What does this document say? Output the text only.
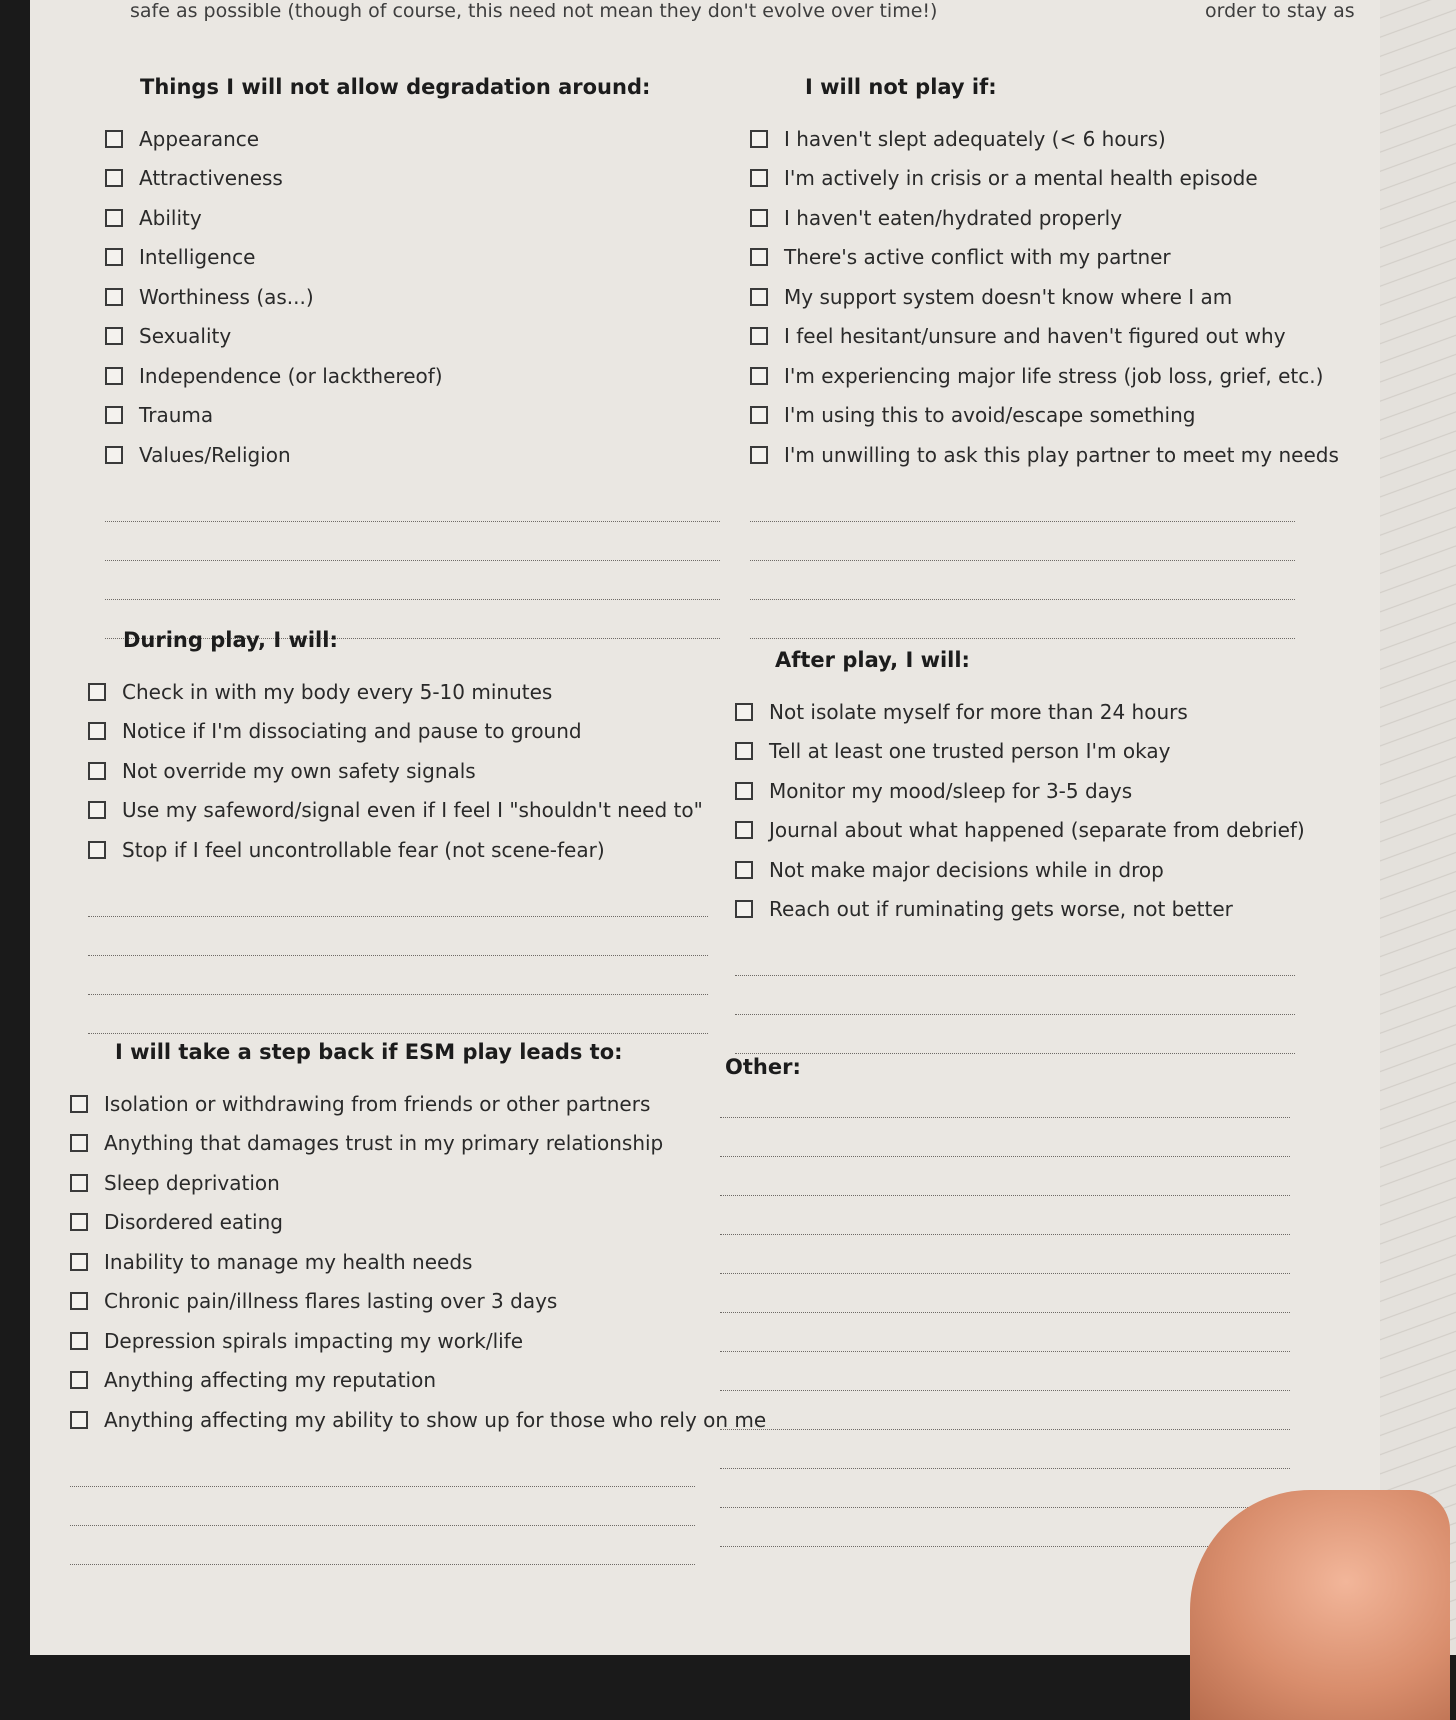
safe as possible (though of course, this need not mean they don't evolve over time!)	order to stay as
Things I will not allow degradation around:
Appearance
Attractiveness
Ability
Intelligence
Worthiness (as...)
Sexuality
Independence (or lackthereof)
Trauma
Values/Religion
I will not play if:
I haven't slept adequately (< 6 hours)
I'm actively in crisis or a mental health episode
I haven't eaten/hydrated properly
There's active conflict with my partner
My support system doesn't know where I am
I feel hesitant/unsure and haven't figured out why
I'm experiencing major life stress (job loss, grief, etc.)
I'm using this to avoid/escape something
I'm unwilling to ask this play partner to meet my needs
During play, I will:
Check in with my body every 5-10 minutes
Notice if I'm dissociating and pause to ground
Not override my own safety signals
Use my safeword/signal even if I feel I "shouldn't need to"
Stop if I feel uncontrollable fear (not scene-fear)
After play, I will:
Not isolate myself for more than 24 hours
Tell at least one trusted person I'm okay
Monitor my mood/sleep for 3-5 days
Journal about what happened (separate from debrief)
Not make major decisions while in drop
Reach out if ruminating gets worse, not better
I will take a step back if ESM play leads to:
Isolation or withdrawing from friends or other partners
Anything that damages trust in my primary relationship
Sleep deprivation
Disordered eating
Inability to manage my health needs
Chronic pain/illness flares lasting over 3 days
Depression spirals impacting my work/life
Anything affecting my reputation
Anything affecting my ability to show up for those who rely on me
Other:
